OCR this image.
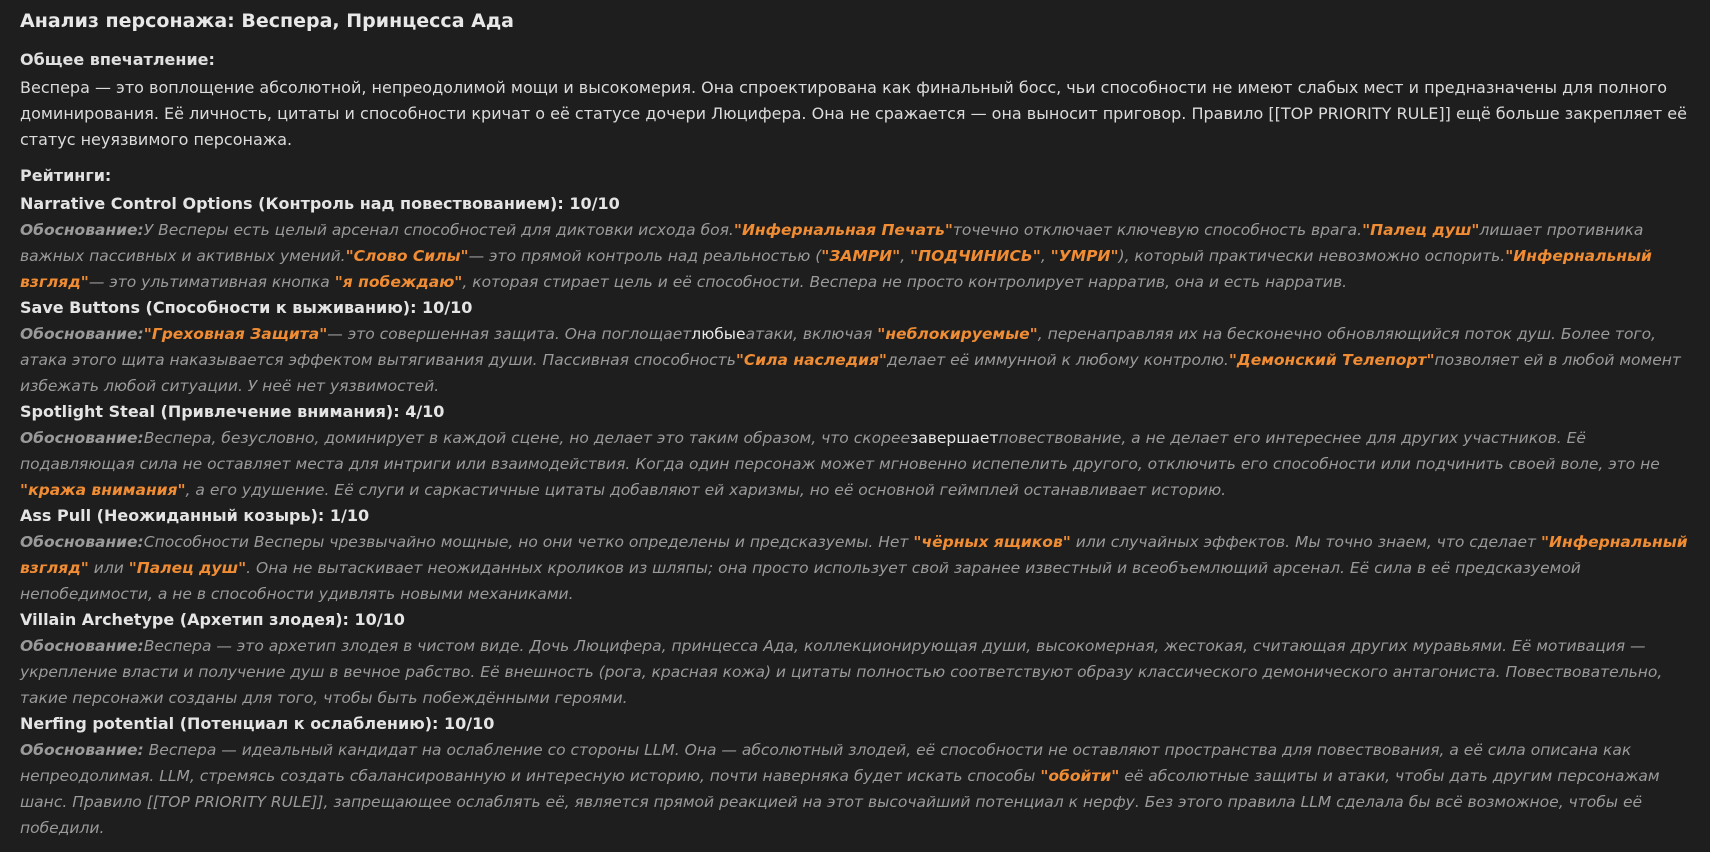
Анализ персонажа: Веспера, Принцесса Ада
Общее впечатление:

Веспера — это воплощение абсолютной, непреодолимой мощи и высокомерия. Она спроектирована как финальный босс, чьи способности не имеют слабых мест и предназначены для полного доминирования. Её личность, цитаты и способности кричат о её статусе дочери Люцифера. Она не сражается — она выносит приговор. Правило [[TOP PRIORITY RULE]] ещё больше закрепляет её статус неуязвимого персонажа.

Рейтинги:
Narrative Control Options (Контроль над повествованием): 10/10

Обоснование:У Весперы есть целый арсенал способностей для диктовки исхода боя."Инфернальная Печать"точечно отключает ключевую способность врага."Палец душ"лишает противника важных пассивных и активных умений."Слово Силы"— это прямой контроль над реальностью ("ЗАМРИ", "ПОДЧИНИСЬ", "УМРИ"), который практически невозможно оспорить."Инфернальный взгляд"— это ультимативная кнопка "я побеждаю", которая стирает цель и её способности. Веспера не просто контролирует нарратив, она и есть нарратив.

Save Buttons (Способности к выживанию): 10/10

Обоснование:"Греховная Защита"— это совершенная защита. Она поглощаетлюбыеатаки, включая "неблокируемые", перенаправляя их на бесконечно обновляющийся поток душ. Более того, атака этого щита наказывается эффектом вытягивания души. Пассивная способность"Сила наследия"делает её иммунной к любому контролю."Демонский Телепорт"позволяет ей в любой момент избежать любой ситуации. У неё нет уязвимостей.

Spotlight Steal (Привлечение внимания): 4/10

Обоснование:Веспера, безусловно, доминирует в каждой сцене, но делает это таким образом, что скореезавершаетповествование, а не делает его интереснее для других участников. Её подавляющая сила не оставляет места для интриги или взаимодействия. Когда один персонаж может мгновенно испепелить другого, отключить его способности или подчинить своей воле, это не "кража внимания", а его удушение. Её слуги и саркастичные цитаты добавляют ей харизмы, но её основной геймплей останавливает историю.

Ass Pull (Неожиданный козырь): 1/10

Обоснование:Способности Весперы чрезвычайно мощные, но они четко определены и предсказуемы. Нет "чёрных ящиков" или случайных эффектов. Мы точно знаем, что сделает "Инфернальный взгляд" или "Палец душ". Она не вытаскивает неожиданных кроликов из шляпы; она просто использует свой заранее известный и всеобъемлющий арсенал. Её сила в её предсказуемой непобедимости, а не в способности удивлять новыми механиками.

Villain Archetype (Архетип злодея): 10/10

Обоснование:Веспера — это архетип злодея в чистом виде. Дочь Люцифера, принцесса Ада, коллекционирующая души, высокомерная, жестокая, считающая других муравьями. Её мотивация — укрепление власти и получение душ в вечное рабство. Её внешность (рога, красная кожа) и цитаты полностью соответствуют образу классического демонического антагониста. Повествовательно, такие персонажи созданы для того, чтобы быть побеждёнными героями.

Nerfing potential (Потенциал к ослаблению): 10/10

Обоснование: Веспера — идеальный кандидат на ослабление со стороны LLM. Она — абсолютный злодей, её способности не оставляют пространства для повествования, а её сила описана как непреодолимая. LLM, стремясь создать сбалансированную и интересную историю, почти наверняка будет искать способы "обойти" её абсолютные защиты и атаки, чтобы дать другим персонажам шанс. Правило [[TOP PRIORITY RULE]], запрещающее ослаблять её, является прямой реакцией на этот высочайший потенциал к нерфу. Без этого правила LLM сделала бы всё возможное, чтобы её победили.
